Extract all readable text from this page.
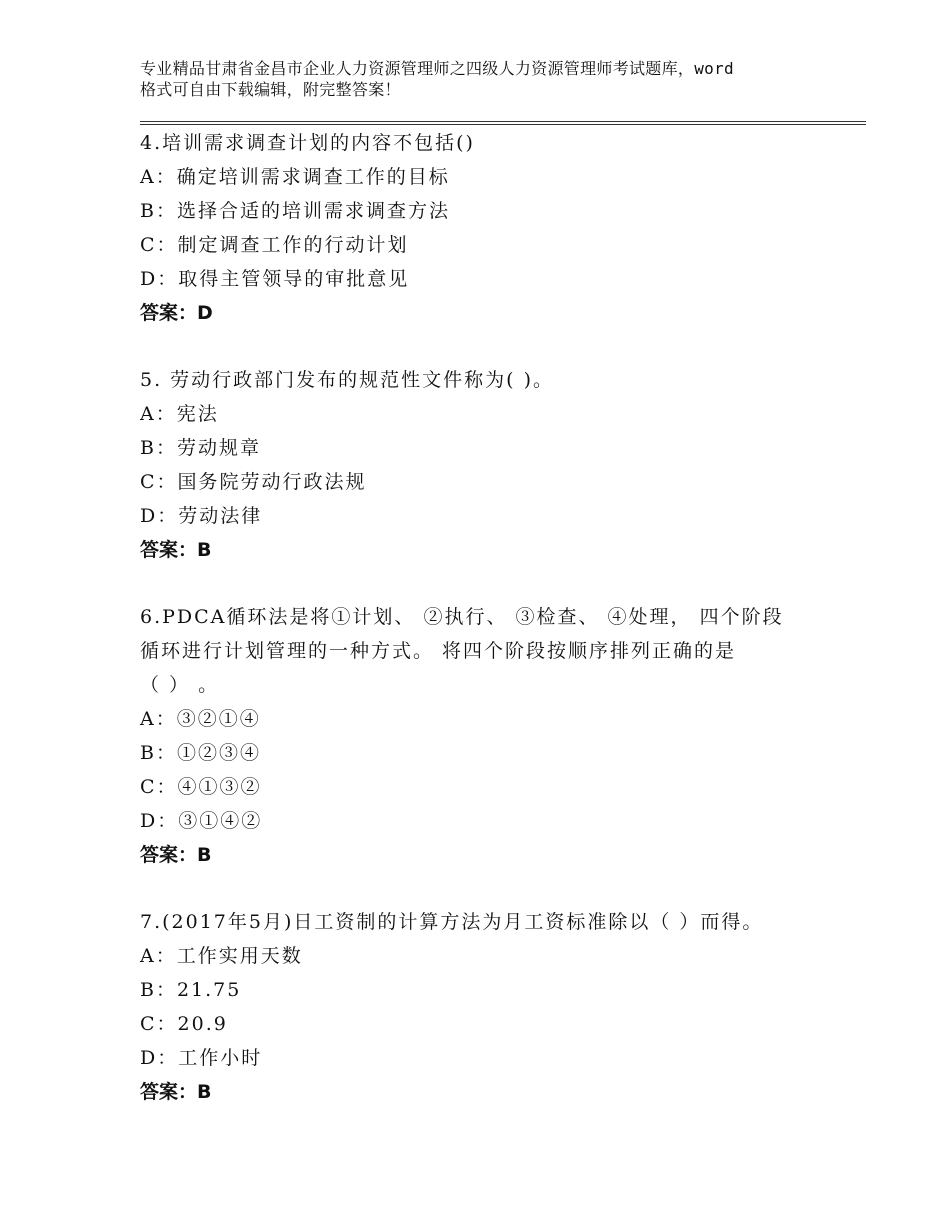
专业精品甘肃省金昌市企业人力资源管理师之四级人力资源管理师考试题库，word
格式可自由下载编辑，附完整答案！
4.培训需求调查计划的内容不包括()
A：确定培训需求调查工作的目标
B：选择合适的培训需求调查方法
C：制定调查工作的行动计划
D：取得主管领导的审批意见
答案：D
5. 劳动行政部门发布的规范性文件称为( )。
A：宪法
B：劳动规章
C：国务院劳动行政法规
D：劳动法律
答案：B
6.PDCA循环法是将①计划、 ②执行、 ③检查、 ④处理， 四个阶段
循环进行计划管理的一种方式。 将四个阶段按顺序排列正确的是
（ ） 。
A：③②①④
B：①②③④
C：④①③②
D：③①④②
答案：B
7.(2017年5月)日工资制的计算方法为月工资标准除以（ ）而得。
A：工作实用天数
B：21.75
C：20.9
D：工作小时
答案：B
